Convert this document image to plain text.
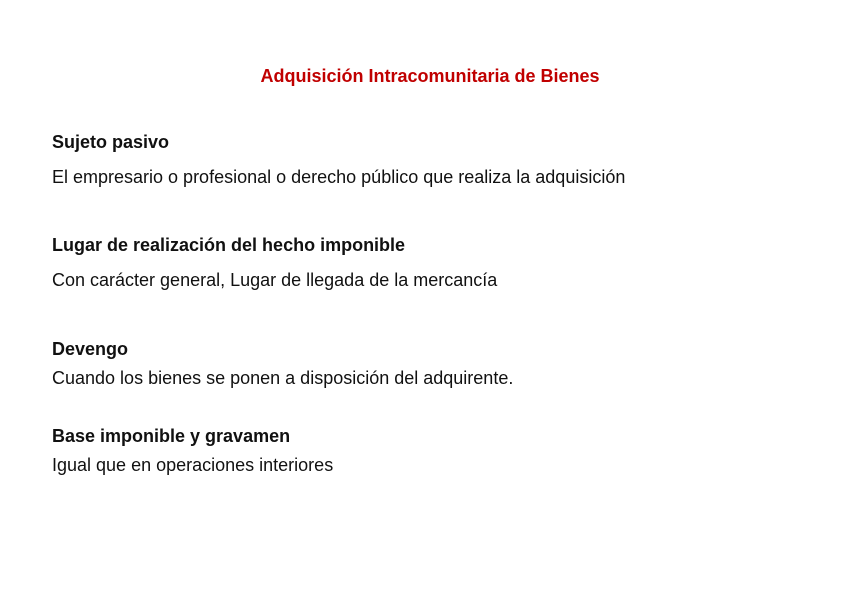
Adquisición Intracomunitaria de Bienes
Sujeto pasivo
El empresario o profesional o derecho público que realiza la adquisición
Lugar de realización del hecho imponible
Con carácter general, Lugar de llegada de la mercancía
Devengo
Cuando los bienes se ponen a disposición del adquirente.
Base imponible y gravamen
Igual que en operaciones interiores
